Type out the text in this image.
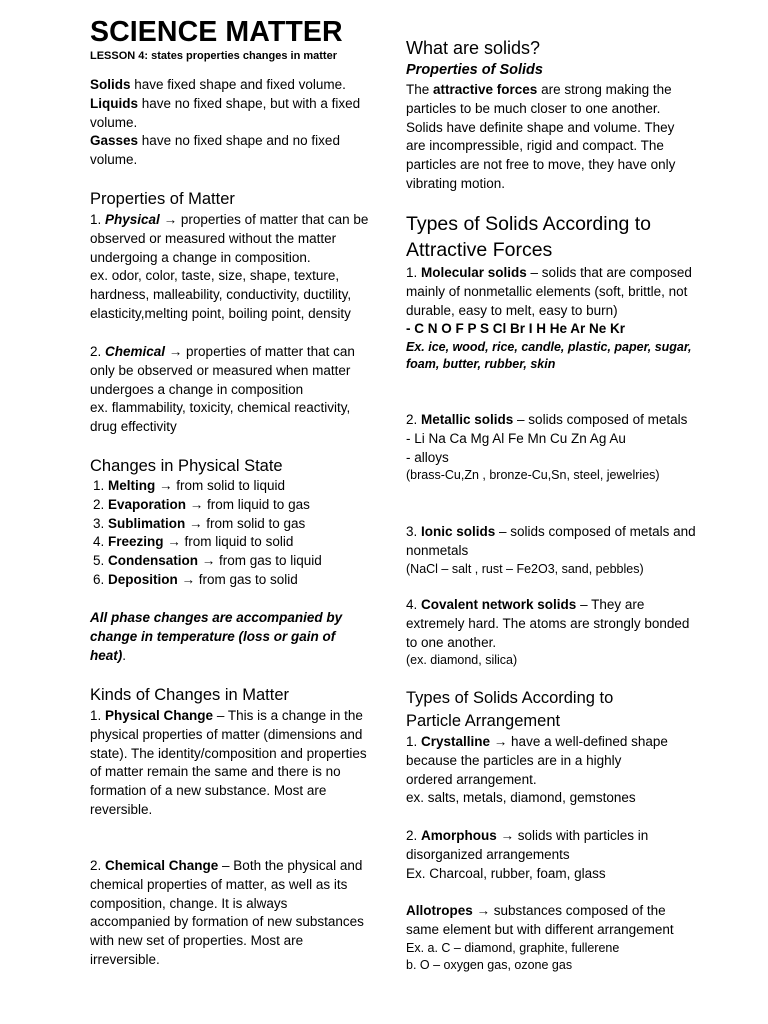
SCIENCE MATTER
LESSON 4: states properties changes in matter
Solids have fixed shape and fixed volume.
Liquids have no fixed shape, but with a fixed volume.
Gasses have no fixed shape and no fixed volume.
Properties of Matter
1. Physical → properties of matter that can be observed or measured without the matter undergoing a change in composition.
ex. odor, color, taste, size, shape, texture, hardness, malleability, conductivity, ductility, elasticity,melting point, boiling point, density
2. Chemical → properties of matter that can only be observed or measured when matter undergoes a change in composition
ex. flammability, toxicity, chemical reactivity, drug effectivity
Changes in Physical State
1. Melting → from solid to liquid
2. Evaporation → from liquid to gas
3. Sublimation → from solid to gas
4. Freezing → from liquid to solid
5. Condensation → from gas to liquid
6. Deposition → from gas to solid
All phase changes are accompanied by change in temperature (loss or gain of heat).
Kinds of Changes in Matter
1. Physical Change – This is a change in the physical properties of matter (dimensions and state). The identity/composition and properties of matter remain the same and there is no formation of a new substance. Most are reversible.
2. Chemical Change – Both the physical and chemical properties of matter, as well as its composition, change. It is always accompanied by formation of new substances with new set of properties. Most are irreversible.
What are solids?
Properties of Solids
The attractive forces are strong making the particles to be much closer to one another. Solids have definite shape and volume. They are incompressible, rigid and compact. The particles are not free to move, they have only vibrating motion.
Types of Solids According to Attractive Forces
1. Molecular solids – solids that are composed mainly of nonmetallic elements (soft, brittle, not durable, easy to melt, easy to burn)
- C N O F P S Cl Br I H He Ar Ne Kr
Ex. ice, wood, rice, candle, plastic, paper, sugar, foam, butter, rubber, skin
2. Metallic solids – solids composed of metals
- Li Na Ca Mg Al Fe Mn Cu Zn Ag Au
- alloys
(brass-Cu,Zn , bronze-Cu,Sn, steel, jewelries)
3. Ionic solids – solids composed of metals and nonmetals
(NaCl – salt , rust – Fe2O3, sand, pebbles)
4. Covalent network solids – They are extremely hard. The atoms are strongly bonded to one another.
(ex. diamond, silica)
Types of Solids According to Particle Arrangement
1. Crystalline → have a well-defined shape
because the particles are in a highly
ordered arrangement.
ex. salts, metals, diamond, gemstones
2. Amorphous → solids with particles in disorganized arrangements
Ex. Charcoal, rubber, foam, glass
Allotropes → substances composed of the same element but with different arrangement
Ex. a. C – diamond, graphite, fullerene
b. O – oxygen gas, ozone gas
